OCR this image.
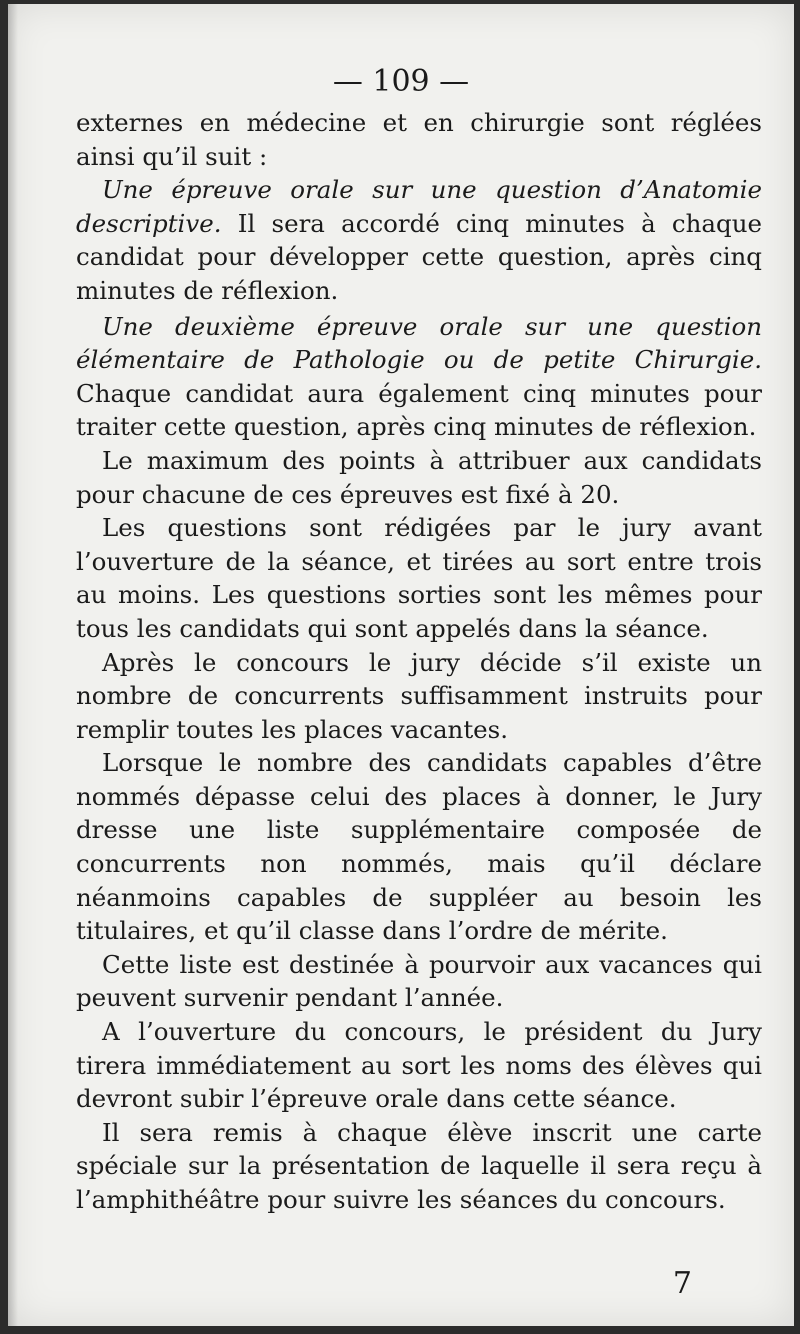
— 109 —

externes en médecine et en chirurgie sont réglées ainsi qu’il suit :

Une épreuve orale sur une question d’Anatomie descriptive. Il sera accordé cinq minutes à chaque candidat pour développer cette question, après cinq minutes de réflexion.

Une deuxième épreuve orale sur une question élémentaire de Pathologie ou de petite Chirurgie. Chaque candidat aura également cinq minutes pour traiter cette question, après cinq minutes de réflexion.

Le maximum des points à attribuer aux candidats pour chacune de ces épreuves est fixé à 20.

Les questions sont rédigées par le jury avant l’ouverture de la séance, et tirées au sort entre trois au moins. Les questions sorties sont les mêmes pour tous les candidats qui sont appelés dans la séance.

Après le concours le jury décide s’il existe un nombre de concurrents suffisamment instruits pour remplir toutes les places vacantes.

Lorsque le nombre des candidats capables d’être nommés dépasse celui des places à donner, le Jury dresse une liste supplémentaire composée de concurrents non nommés, mais qu’il déclare néanmoins capables de suppléer au besoin les titulaires, et qu’il classe dans l’ordre de mérite.

Cette liste est destinée à pourvoir aux vacances qui peuvent survenir pendant l’année.

A l’ouverture du concours, le président du Jury tirera immédiatement au sort les noms des élèves qui devront subir l’épreuve orale dans cette séance.

Il sera remis à chaque élève inscrit une carte spéciale sur la présentation de laquelle il sera reçu à l’amphithéâtre pour suivre les séances du concours.

7
